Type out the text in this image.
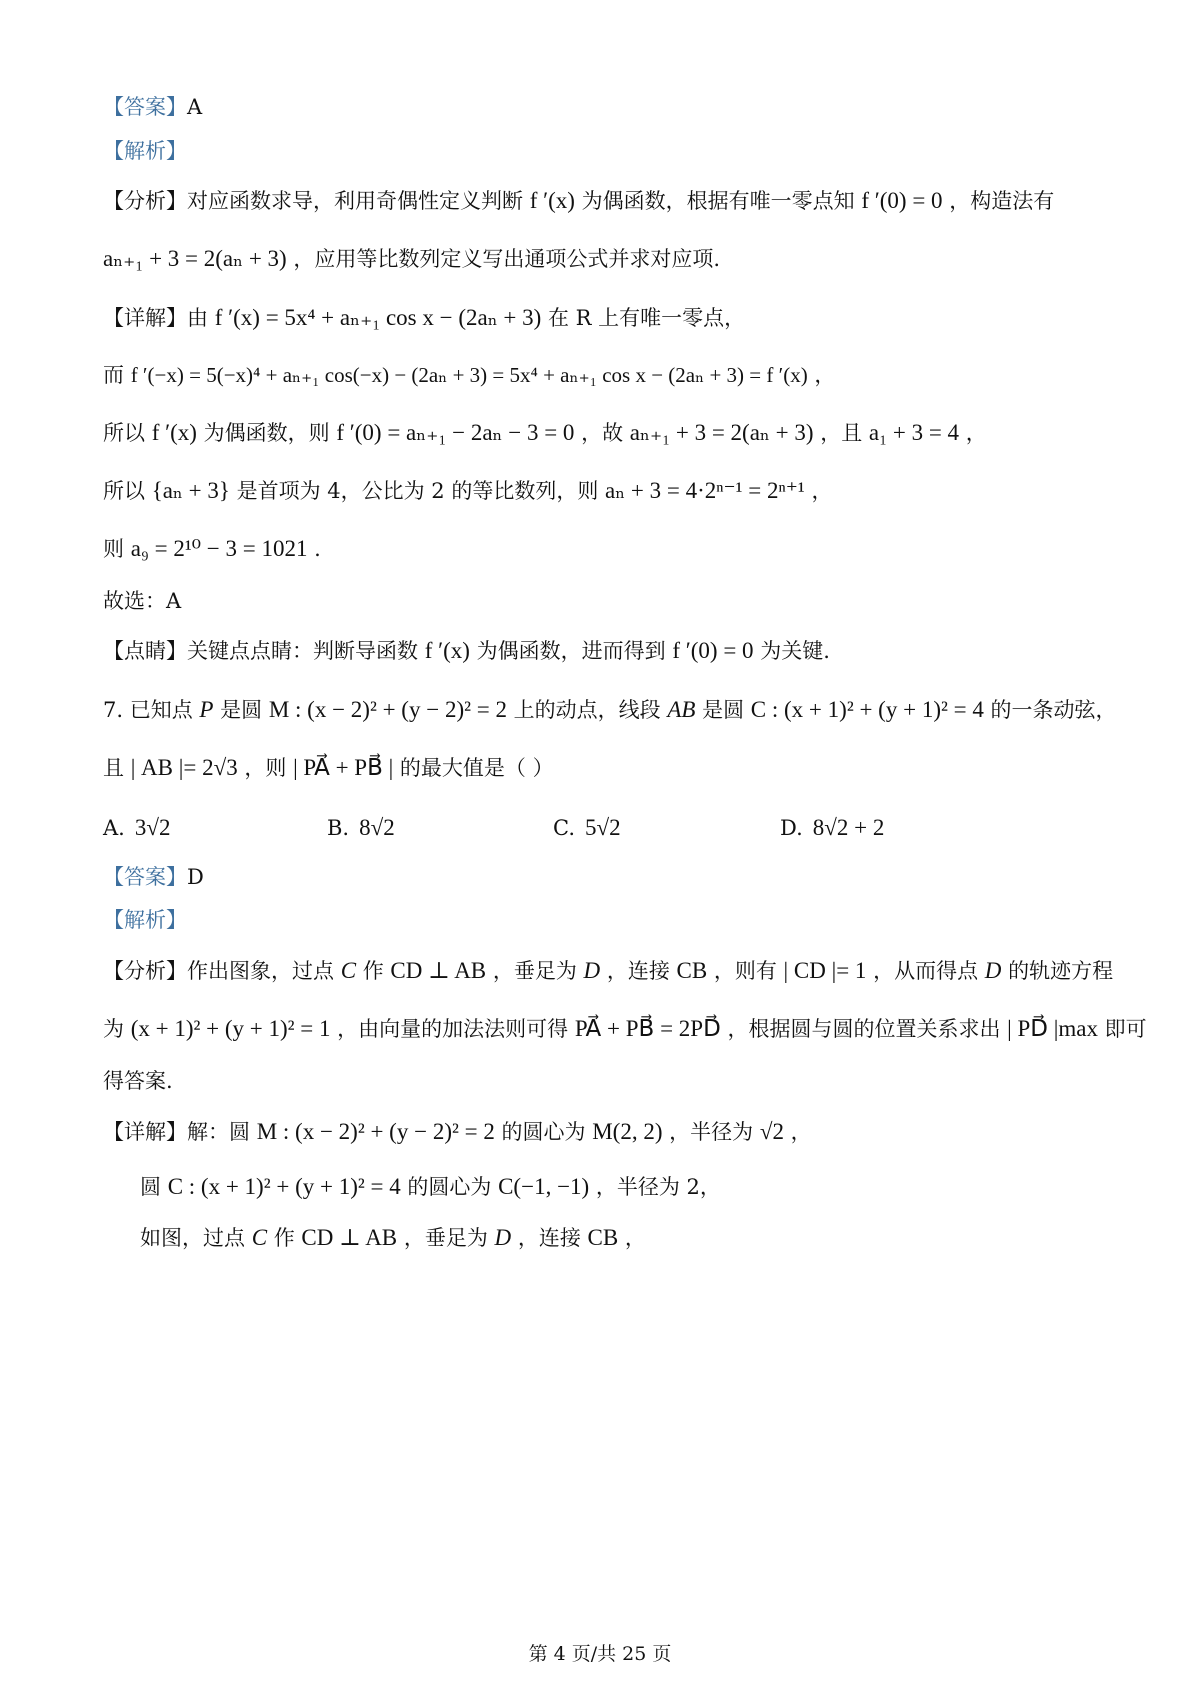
【答案】A
【解析】
【分析】对应函数求导，利用奇偶性定义判断 f ′(x) 为偶函数，根据有唯一零点知 f ′(0) = 0 ，构造法有
aₙ₊₁ + 3 = 2(aₙ + 3) ，应用等比数列定义写出通项公式并求对应项.
【详解】由 f ′(x) = 5x⁴ + aₙ₊₁ cos x − (2aₙ + 3) 在 R 上有唯一零点，
而 f ′(−x) = 5(−x)⁴ + aₙ₊₁ cos(−x) − (2aₙ + 3) = 5x⁴ + aₙ₊₁ cos x − (2aₙ + 3) = f ′(x) ，
所以 f ′(x) 为偶函数，则 f ′(0) = aₙ₊₁ − 2aₙ − 3 = 0 ，故 aₙ₊₁ + 3 = 2(aₙ + 3) ，且 a₁ + 3 = 4 ，
所以 {aₙ + 3} 是首项为 4，公比为 2 的等比数列，则 aₙ + 3 = 4·2ⁿ⁻¹ = 2ⁿ⁺¹ ，
则 a₉ = 2¹⁰ − 3 = 1021 .
故选：A
【点睛】关键点点睛：判断导函数 f ′(x) 为偶函数，进而得到 f ′(0) = 0 为关键.
7. 已知点 P 是圆 M : (x − 2)² + (y − 2)² = 2 上的动点，线段 AB 是圆 C : (x + 1)² + (y + 1)² = 4 的一条动弦，
且 | AB |= 2√3 ，则 | PA⃗ + PB⃗ | 的最大值是（ ）
A. 3√2	B. 8√2	C. 5√2	D. 8√2 + 2
【答案】D
【解析】
【分析】作出图象，过点 C 作 CD ⊥ AB ，垂足为 D ，连接 CB ，则有 | CD |= 1 ，从而得点 D 的轨迹方程
为 (x + 1)² + (y + 1)² = 1 ，由向量的加法法则可得 PA⃗ + PB⃗ = 2PD⃗ ，根据圆与圆的位置关系求出 | PD⃗ |max 即可
得答案.
【详解】解：圆 M : (x − 2)² + (y − 2)² = 2 的圆心为 M(2, 2) ，半径为 √2 ，
圆 C : (x + 1)² + (y + 1)² = 4 的圆心为 C(−1, −1) ，半径为 2，
如图，过点 C 作 CD ⊥ AB ，垂足为 D ，连接 CB ，
第 4 页/共 25 页
